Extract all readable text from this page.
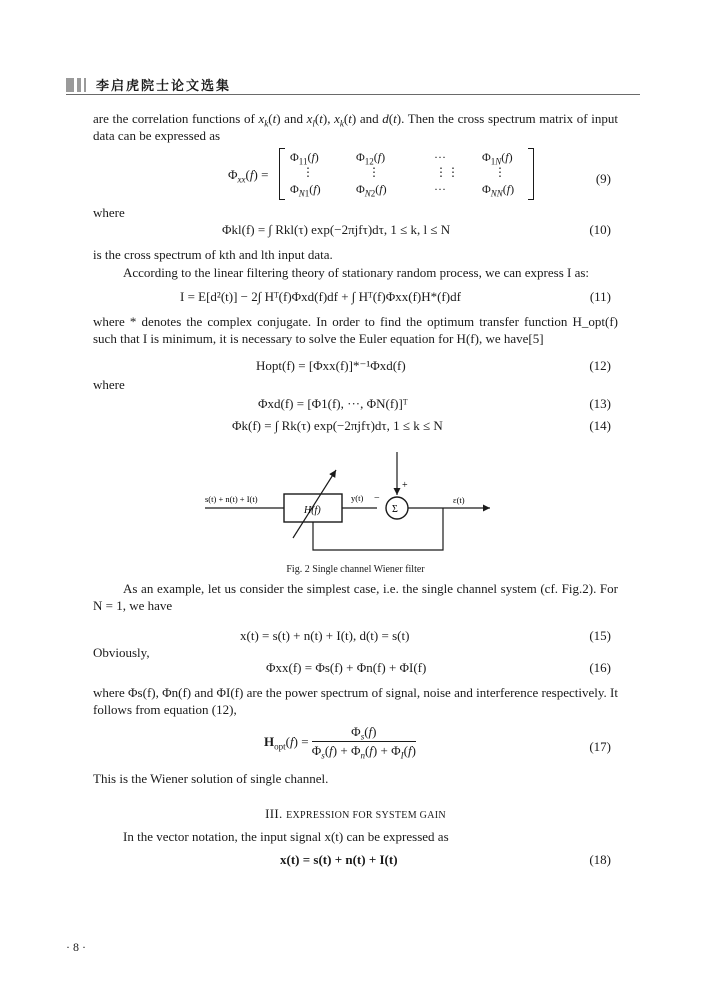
李启虎院士论文选集
are the correlation functions of $x_k(t)$ and $x_l(t)$, $x_k(t)$ and d(t). Then the cross spectrum matrix of input data can be expressed as
$\Phi_{xx}(f)$ =
$\Phi_{11}(f)$	$\Phi_{12}(f)$	···	$\Phi_{1N}(f)$
⋮	⋮	⋮⋮	⋮
$\Phi_{N1}(f)$	$\Phi_{N2}(f)$	···	$\Phi_{NN}(f)$
(9)
where
Φkl(f) = ∫ Rkl(τ) exp(−2πjfτ)dτ, 1 ≤ k, l ≤ N	(10)
is the cross spectrum of kth and lth input data.
According to the linear filtering theory of stationary random process, we can express I as:
I = E[d²(t)] − 2∫ Hᵀ(f)Φxd(f)df + ∫ Hᵀ(f)Φxx(f)H*(f)df	(11)
where * denotes the complex conjugate. In order to find the optimum transfer function H_opt(f) such that I is minimum, it is necessary to solve the Euler equation for H(f), we have[5]
Hopt(f) = [Φxx(f)]*⁻¹Φxd(f)	(12)
where
Φxd(f) = [Φ1(f), ···, ΦN(f)]ᵀ	(13)
Φk(f) = ∫ Rk(τ) exp(−2πjfτ)dτ, 1 ≤ k ≤ N	(14)
s(t) + n(t) + I(t)
H(f)
y(t)
Σ
ε(t)
+
−
Fig. 2 Single channel Wiener filter
As an example, let us consider the simplest case, i.e. the single channel system (cf. Fig.2). For N = 1, we have
x(t) = s(t) + n(t) + I(t), d(t) = s(t)	(15)
Obviously,
Φxx(f) = Φs(f) + Φn(f) + ΦI(f)	(16)
where Φs(f), Φn(f) and ΦI(f) are the power spectrum of signal, noise and interference respectively. It follows from equation (12),
$H_{opt}(f) = \frac{\Phi_s(f)}{\Phi_s(f) + \Phi_n(f) + \Phi_I(f)}$	(17)
This is the Wiener solution of single channel.
III. EXPRESSION FOR SYSTEM GAIN
In the vector notation, the input signal x(t) can be expressed as
x(t) = s(t) + n(t) + I(t)	(18)
· 8 ·
